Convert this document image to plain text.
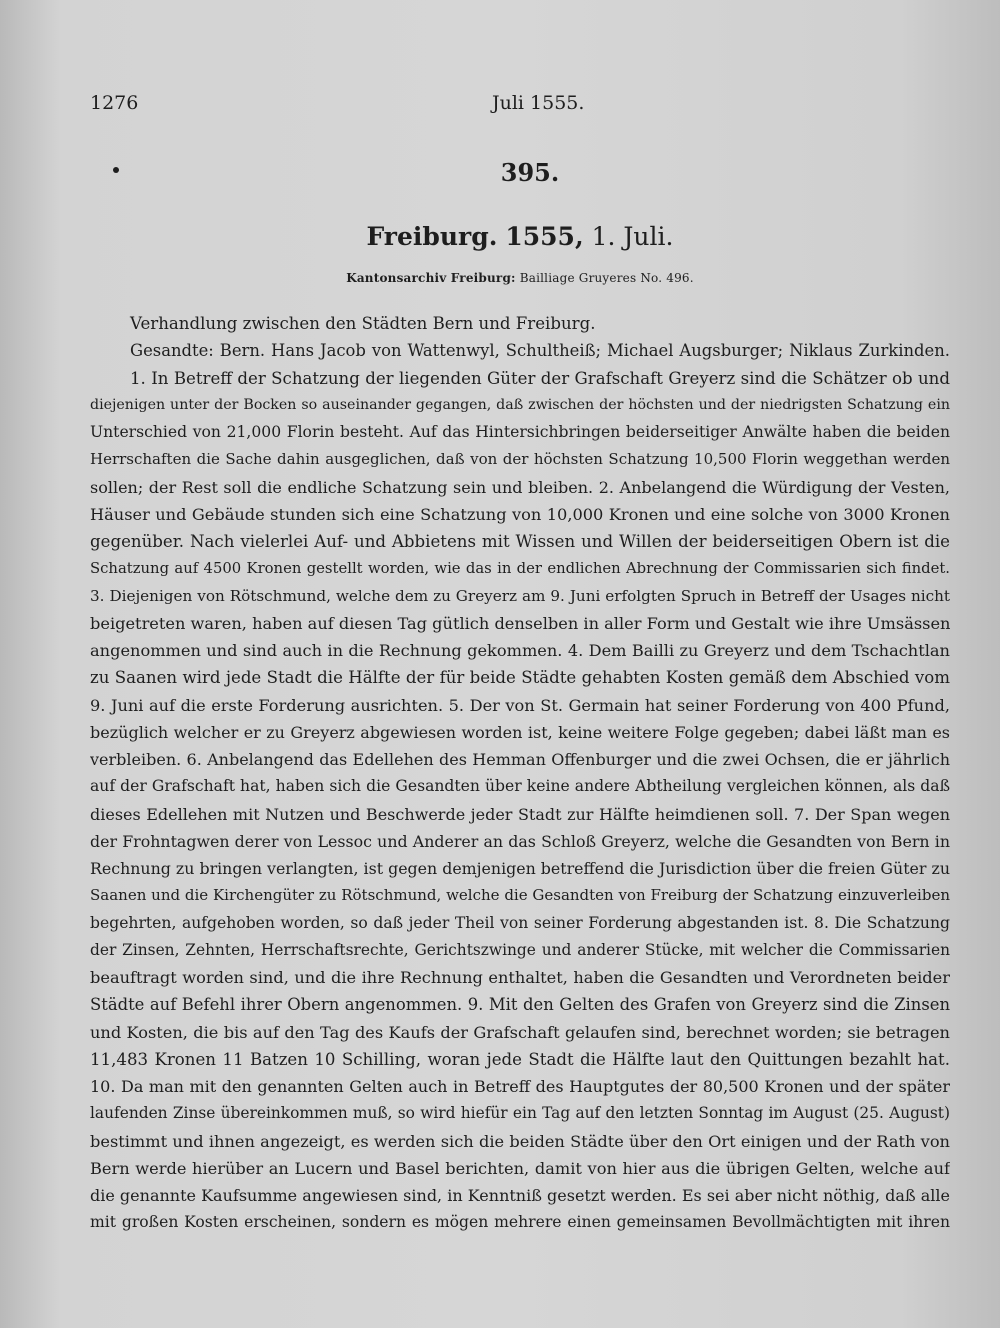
1276	Juli 1555.
395.
Freiburg. 1555, 1. Juli.
Kantonsarchiv Freiburg: Bailliage Gruyeres No. 496.
Verhandlung zwischen den Städten Bern und Freiburg.
Gesandte: Bern. Hans Jacob von Wattenwyl, Schultheiß; Michael Augsburger; Niklaus Zurkinden.
1. In Betreff der Schatzung der liegenden Güter der Grafschaft Greyerz sind die Schätzer ob und
diejenigen unter der Bocken so auseinander gegangen, daß zwischen der höchsten und der niedrigsten Schatzung ein
Unterschied von 21,000 Florin besteht. Auf das Hintersichbringen beiderseitiger Anwälte haben die beiden
Herrschaften die Sache dahin ausgeglichen, daß von der höchsten Schatzung 10,500 Florin weggethan werden
sollen; der Rest soll die endliche Schatzung sein und bleiben. 2. Anbelangend die Würdigung der Vesten,
Häuser und Gebäude stunden sich eine Schatzung von 10,000 Kronen und eine solche von 3000 Kronen
gegenüber. Nach vielerlei Auf- und Abbietens mit Wissen und Willen der beiderseitigen Obern ist die
Schatzung auf 4500 Kronen gestellt worden, wie das in der endlichen Abrechnung der Commissarien sich findet.
3. Diejenigen von Rötschmund, welche dem zu Greyerz am 9. Juni erfolgten Spruch in Betreff der Usages nicht
beigetreten waren, haben auf diesen Tag gütlich denselben in aller Form und Gestalt wie ihre Umsässen
angenommen und sind auch in die Rechnung gekommen. 4. Dem Bailli zu Greyerz und dem Tschachtlan
zu Saanen wird jede Stadt die Hälfte der für beide Städte gehabten Kosten gemäß dem Abschied vom
9. Juni auf die erste Forderung ausrichten. 5. Der von St. Germain hat seiner Forderung von 400 Pfund,
bezüglich welcher er zu Greyerz abgewiesen worden ist, keine weitere Folge gegeben; dabei läßt man es
verbleiben. 6. Anbelangend das Edellehen des Hemman Offenburger und die zwei Ochsen, die er jährlich
auf der Grafschaft hat, haben sich die Gesandten über keine andere Abtheilung vergleichen können, als daß
dieses Edellehen mit Nutzen und Beschwerde jeder Stadt zur Hälfte heimdienen soll. 7. Der Span wegen
der Frohntagwen derer von Lessoc und Anderer an das Schloß Greyerz, welche die Gesandten von Bern in
Rechnung zu bringen verlangten, ist gegen demjenigen betreffend die Jurisdiction über die freien Güter zu
Saanen und die Kirchengüter zu Rötschmund, welche die Gesandten von Freiburg der Schatzung einzuverleiben
begehrten, aufgehoben worden, so daß jeder Theil von seiner Forderung abgestanden ist. 8. Die Schatzung
der Zinsen, Zehnten, Herrschaftsrechte, Gerichtszwinge und anderer Stücke, mit welcher die Commissarien
beauftragt worden sind, und die ihre Rechnung enthaltet, haben die Gesandten und Verordneten beider
Städte auf Befehl ihrer Obern angenommen. 9. Mit den Gelten des Grafen von Greyerz sind die Zinsen
und Kosten, die bis auf den Tag des Kaufs der Grafschaft gelaufen sind, berechnet worden; sie betragen
11,483 Kronen 11 Batzen 10 Schilling, woran jede Stadt die Hälfte laut den Quittungen bezahlt hat.
10. Da man mit den genannten Gelten auch in Betreff des Hauptgutes der 80,500 Kronen und der später
laufenden Zinse übereinkommen muß, so wird hiefür ein Tag auf den letzten Sonntag im August (25. August)
bestimmt und ihnen angezeigt, es werden sich die beiden Städte über den Ort einigen und der Rath von
Bern werde hierüber an Lucern und Basel berichten, damit von hier aus die übrigen Gelten, welche auf
die genannte Kaufsumme angewiesen sind, in Kenntniß gesetzt werden. Es sei aber nicht nöthig, daß alle
mit großen Kosten erscheinen, sondern es mögen mehrere einen gemeinsamen Bevollmächtigten mit ihren
